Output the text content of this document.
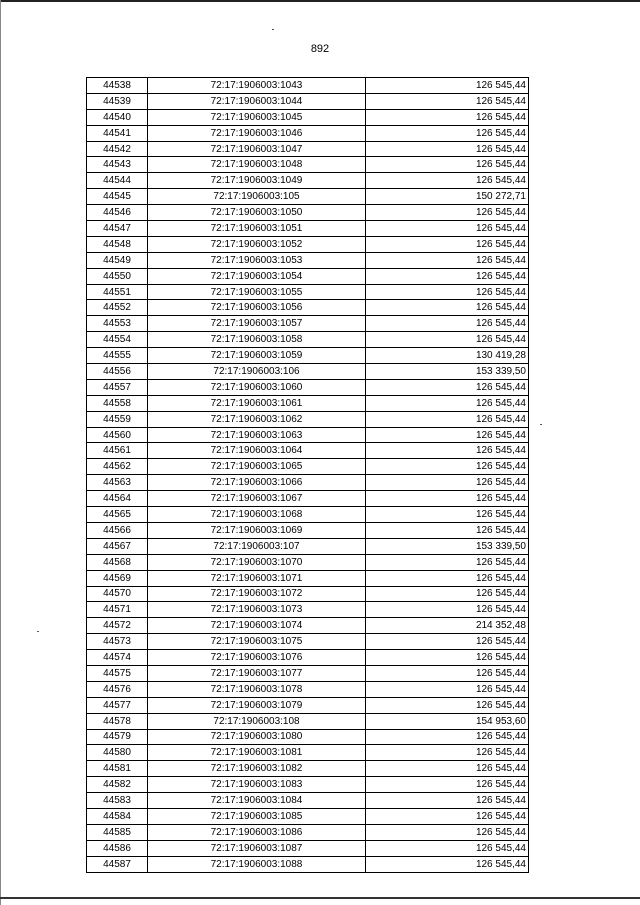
892
44538	72:17:1906003:1043	126 545,44
44539	72:17:1906003:1044	126 545,44
44540	72:17:1906003:1045	126 545,44
44541	72:17:1906003:1046	126 545,44
44542	72:17:1906003:1047	126 545,44
44543	72:17:1906003:1048	126 545,44
44544	72:17:1906003:1049	126 545,44
44545	72:17:1906003:105	150 272,71
44546	72:17:1906003:1050	126 545,44
44547	72:17:1906003:1051	126 545,44
44548	72:17:1906003:1052	126 545,44
44549	72:17:1906003:1053	126 545,44
44550	72:17:1906003:1054	126 545,44
44551	72:17:1906003:1055	126 545,44
44552	72:17:1906003:1056	126 545,44
44553	72:17:1906003:1057	126 545,44
44554	72:17:1906003:1058	126 545,44
44555	72:17:1906003:1059	130 419,28
44556	72:17:1906003:106	153 339,50
44557	72:17:1906003:1060	126 545,44
44558	72:17:1906003:1061	126 545,44
44559	72:17:1906003:1062	126 545,44
44560	72:17:1906003:1063	126 545,44
44561	72:17:1906003:1064	126 545,44
44562	72:17:1906003:1065	126 545,44
44563	72:17:1906003:1066	126 545,44
44564	72:17:1906003:1067	126 545,44
44565	72:17:1906003:1068	126 545,44
44566	72:17:1906003:1069	126 545,44
44567	72:17:1906003:107	153 339,50
44568	72:17:1906003:1070	126 545,44
44569	72:17:1906003:1071	126 545,44
44570	72:17:1906003:1072	126 545,44
44571	72:17:1906003:1073	126 545,44
44572	72:17:1906003:1074	214 352,48
44573	72:17:1906003:1075	126 545,44
44574	72:17:1906003:1076	126 545,44
44575	72:17:1906003:1077	126 545,44
44576	72:17:1906003:1078	126 545,44
44577	72:17:1906003:1079	126 545,44
44578	72:17:1906003:108	154 953,60
44579	72:17:1906003:1080	126 545,44
44580	72:17:1906003:1081	126 545,44
44581	72:17:1906003:1082	126 545,44
44582	72:17:1906003:1083	126 545,44
44583	72:17:1906003:1084	126 545,44
44584	72:17:1906003:1085	126 545,44
44585	72:17:1906003:1086	126 545,44
44586	72:17:1906003:1087	126 545,44
44587	72:17:1906003:1088	126 545,44
